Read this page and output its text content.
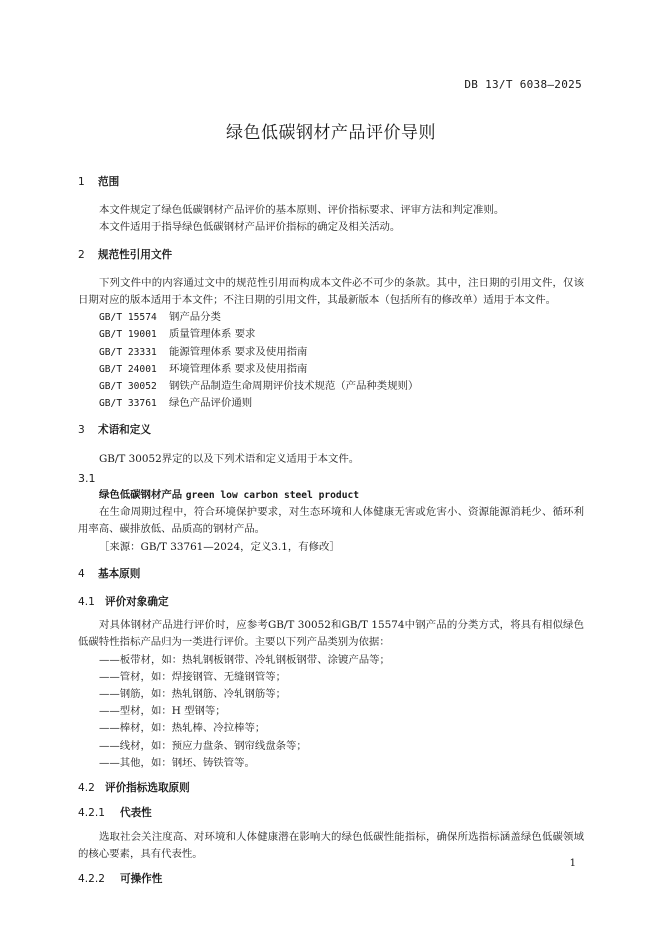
DB 13/T 6038—2025
绿色低碳钢材产品评价导则
1 范围

本文件规定了绿色低碳钢材产品评价的基本原则、评价指标要求、评审方法和判定准则。

本文件适用于指导绿色低碳钢材产品评价指标的确定及相关活动。

2 规范性引用文件

下列文件中的内容通过文中的规范性引用而构成本文件必不可少的条款。其中，注日期的引用文件，仅该日期对应的版本适用于本文件；不注日期的引用文件，其最新版本（包括所有的修改单）适用于本文件。

GB/T 15574 钢产品分类
GB/T 19001 质量管理体系 要求
GB/T 23331 能源管理体系 要求及使用指南
GB/T 24001 环境管理体系 要求及使用指南
GB/T 30052 钢铁产品制造生命周期评价技术规范（产品种类规则）
GB/T 33761 绿色产品评价通则
3 术语和定义

GB/T 30052界定的以及下列术语和定义适用于本文件。

3.1
绿色低碳钢材产品 green low carbon steel product

在生命周期过程中，符合环境保护要求，对生态环境和人体健康无害或危害小、资源能源消耗少、循环利用率高、碳排放低、品质高的钢材产品。

［来源：GB/T 33761—2024，定义3.1，有修改］
4 基本原则
4.1 评价对象确定

对具体钢材产品进行评价时，应参考GB/T 30052和GB/T 15574中钢产品的分类方式，将具有相似绿色低碳特性指标产品归为一类进行评价。主要以下列产品类别为依据：

——板带材，如：热轧钢板钢带、冷轧钢板钢带、涂镀产品等；
——管材，如：焊接钢管、无缝钢管等；
——钢筋，如：热轧钢筋、冷轧钢筋等；
——型材，如：H 型钢等；
——棒材，如：热轧棒、冷拉棒等；
——线材，如：预应力盘条、钢帘线盘条等；
——其他，如：钢坯、铸铁管等。
4.2 评价指标选取原则
4.2.1 代表性

选取社会关注度高、对环境和人体健康潜在影响大的绿色低碳性能指标，确保所选指标涵盖绿色低碳领域的核心要素，具有代表性。

4.2.2 可操作性
1
